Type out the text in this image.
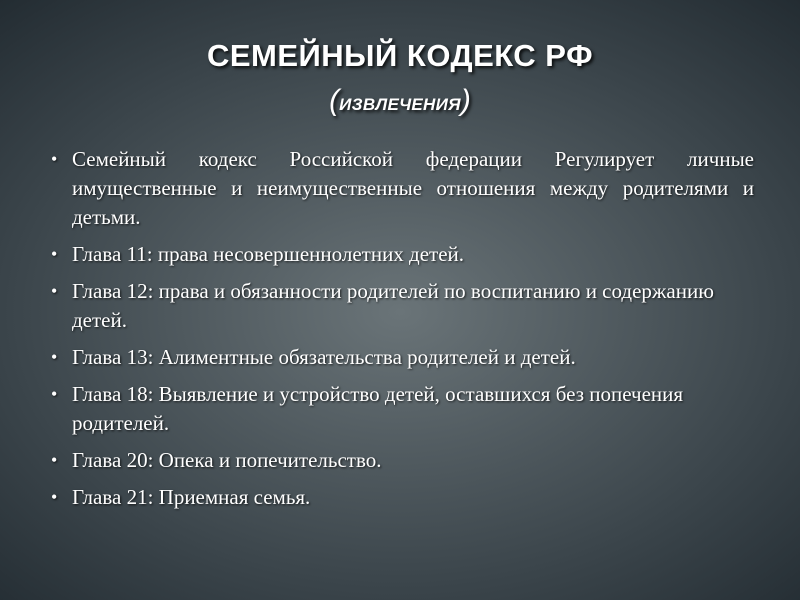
СЕМЕЙНЫЙ КОДЕКС РФ
(ИЗВЛЕЧЕНИЯ)
• Семейный кодекс Российской федерации Регулирует личные имущественные и неимущественные отношения между родителями и детьми.
• Глава 11: права несовершеннолетних детей.
• Глава 12: права и обязанности родителей по воспитанию и содержанию детей.
• Глава 13: Алиментные обязательства родителей и детей.
• Глава 18: Выявление и устройство детей, оставшихся без попечения родителей.
• Глава 20: Опека и попечительство.
• Глава 21: Приемная семья.
